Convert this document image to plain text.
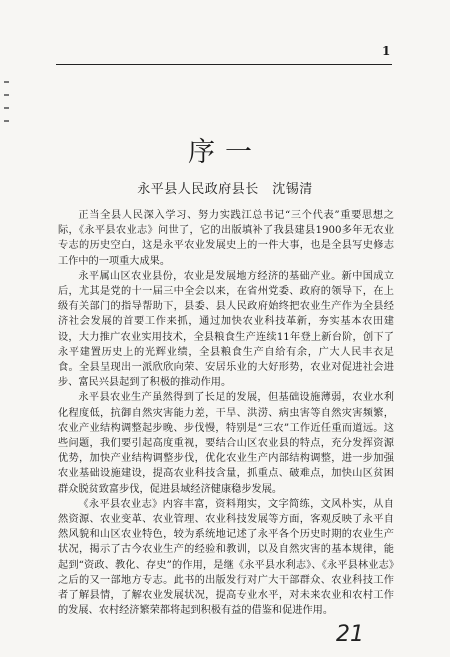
1
序一
永平县人民政府县长　沈锡清

正当全县人民深入学习、努力实践江总书记“三个代表”重要思想之际，《永平县农业志》问世了，它的出版填补了我县建县1900多年无农业专志的历史空白，这是永平农业发展史上的一件大事，也是全县写史修志工作中的一项重大成果。

永平属山区农业县份，农业是发展地方经济的基础产业。新中国成立后，尤其是党的十一届三中全会以来，在省州党委、政府的领导下，在上级有关部门的指导帮助下，县委、县人民政府始终把农业生产作为全县经济社会发展的首要工作来抓，通过加快农业科技革新，夯实基本农田建设，大力推广农业实用技术，全县粮食生产连续11年登上新台阶，创下了永平建置历史上的光辉业绩，全县粮食生产自给有余，广大人民丰衣足食。全县呈现出一派欣欣向荣、安居乐业的大好形势，农业对促进社会进步、富民兴县起到了积极的推动作用。

永平县农业生产虽然得到了长足的发展，但基础设施薄弱，农业水利化程度低，抗御自然灾害能力差，干旱、洪涝、病虫害等自然灾害频繁，农业产业结构调整起步晚、步伐慢，特别是“三农”工作近任重而道远。这些问题，我们要引起高度重视，要结合山区农业县的特点，充分发挥资源优势，加快产业结构调整步伐，优化农业生产内部结构调整，进一步加强农业基础设施建设，提高农业科技含量，抓重点、破难点，加快山区贫困群众脱贫致富步伐，促进县域经济健康稳步发展。

《永平县农业志》内容丰富，资料翔实，文字简练，文风朴实，从自然资源、农业变革、农业管理、农业科技发展等方面，客观反映了永平自然风貌和山区农业特色，较为系统地记述了永平各个历史时期的农业生产状况，揭示了古今农业生产的经验和教训，以及自然灾害的基本规律，能起到“资政、教化、存史”的作用，是继《永平县水利志》、《永平县林业志》之后的又一部地方专志。此书的出版发行对广大干部群众、农业科技工作者了解县情，了解农业发展状况，提高专业水平，对未来农业和农村工作的发展、农村经济繁荣都将起到积极有益的借鉴和促进作用。

21
